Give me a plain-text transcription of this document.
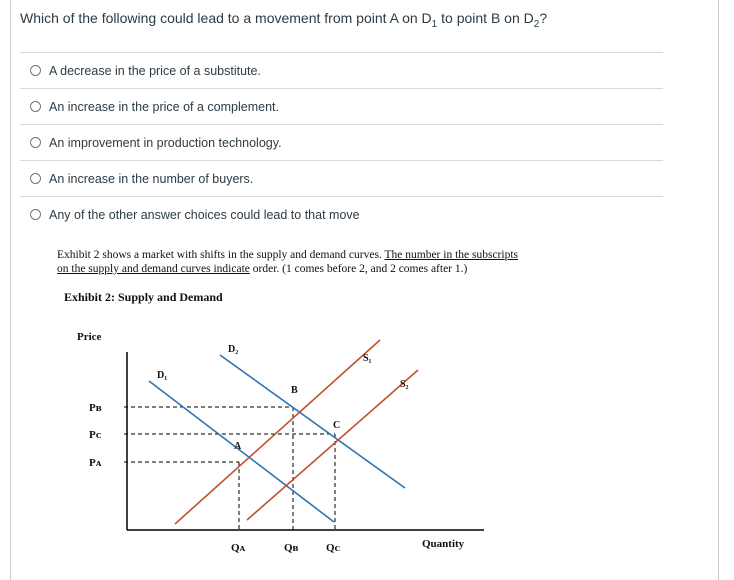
Which of the following could lead to a movement from point A on $D_1$ to point B on $D_2$?
A decrease in the price of a substitute.
An increase in the price of a complement.
An improvement in production technology.
An increase in the number of buyers.
Any of the other answer choices could lead to that move
Exhibit 2 shows a market with shifts in the supply and demand curves. The number in the subscripts
on the supply and demand curves indicate order. (1 comes before 2, and 2 comes after 1.)
Exhibit 2: Supply and Demand
Price
Quantity
Pʙ
Pᴄ
Pᴀ
Qᴀ	Qʙ	Qᴄ
D₁
D₂
S₁
S₂
A
B
C
